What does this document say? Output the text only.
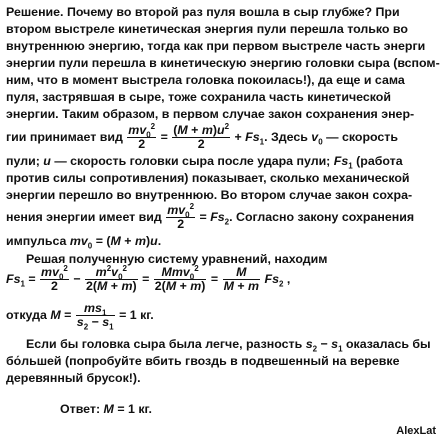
Решение. Почему во второй раз пуля вошла в сыр глубже? При
втором выстреле кинетическая энергия пули перешла только во
внутреннюю энергию, тогда как при первом выстреле часть энерги
энергии пули перешла в кинетическую энергию головки сыра (вспом-
ним, что в момент выстрела головка покоилась!), да еще и сама
пуля, застрявшая в сыре, тоже сохранила часть кинетической
энергии. Таким образом, в первом случае закон сохранения энер-
гии принимает вид $\frac{mv_0^2}{2} = \frac{(M + m)u^2}{2} + Fs_1$. Здесь $v_0$ — скорость
пули; u — скорость головки сыра после удара пули; $Fs_1$ (работа
против силы сопротивления) показывает, сколько механической
энергии перешло во внутреннюю. Во втором случае закон сохра-
нения энергии имеет вид $\frac{mv_0^2}{2} = Fs_2$. Согласно закону сохранения
импульса $mv_0 = (M + m)u$.
Решая полученную систему уравнений, находим
$Fs_1 = \frac{mv_0^2}{2} - \frac{m^2v_0^2}{2(M + m)} = \frac{Mmv_0^2}{2(M + m)} = \frac{M}{M + m} Fs_2$ ,
откуда $M = \frac{ms_1}{s_2 - s_1} = 1$ кг.
Если бы головка сыра была легче, разность $s_2 - s_1$ оказалась бы
бо́льшей (попробуйте вбить гвоздь в подвешенный на веревке
деревянный брусок!).
Ответ: M = 1 кг.
AlexLat
